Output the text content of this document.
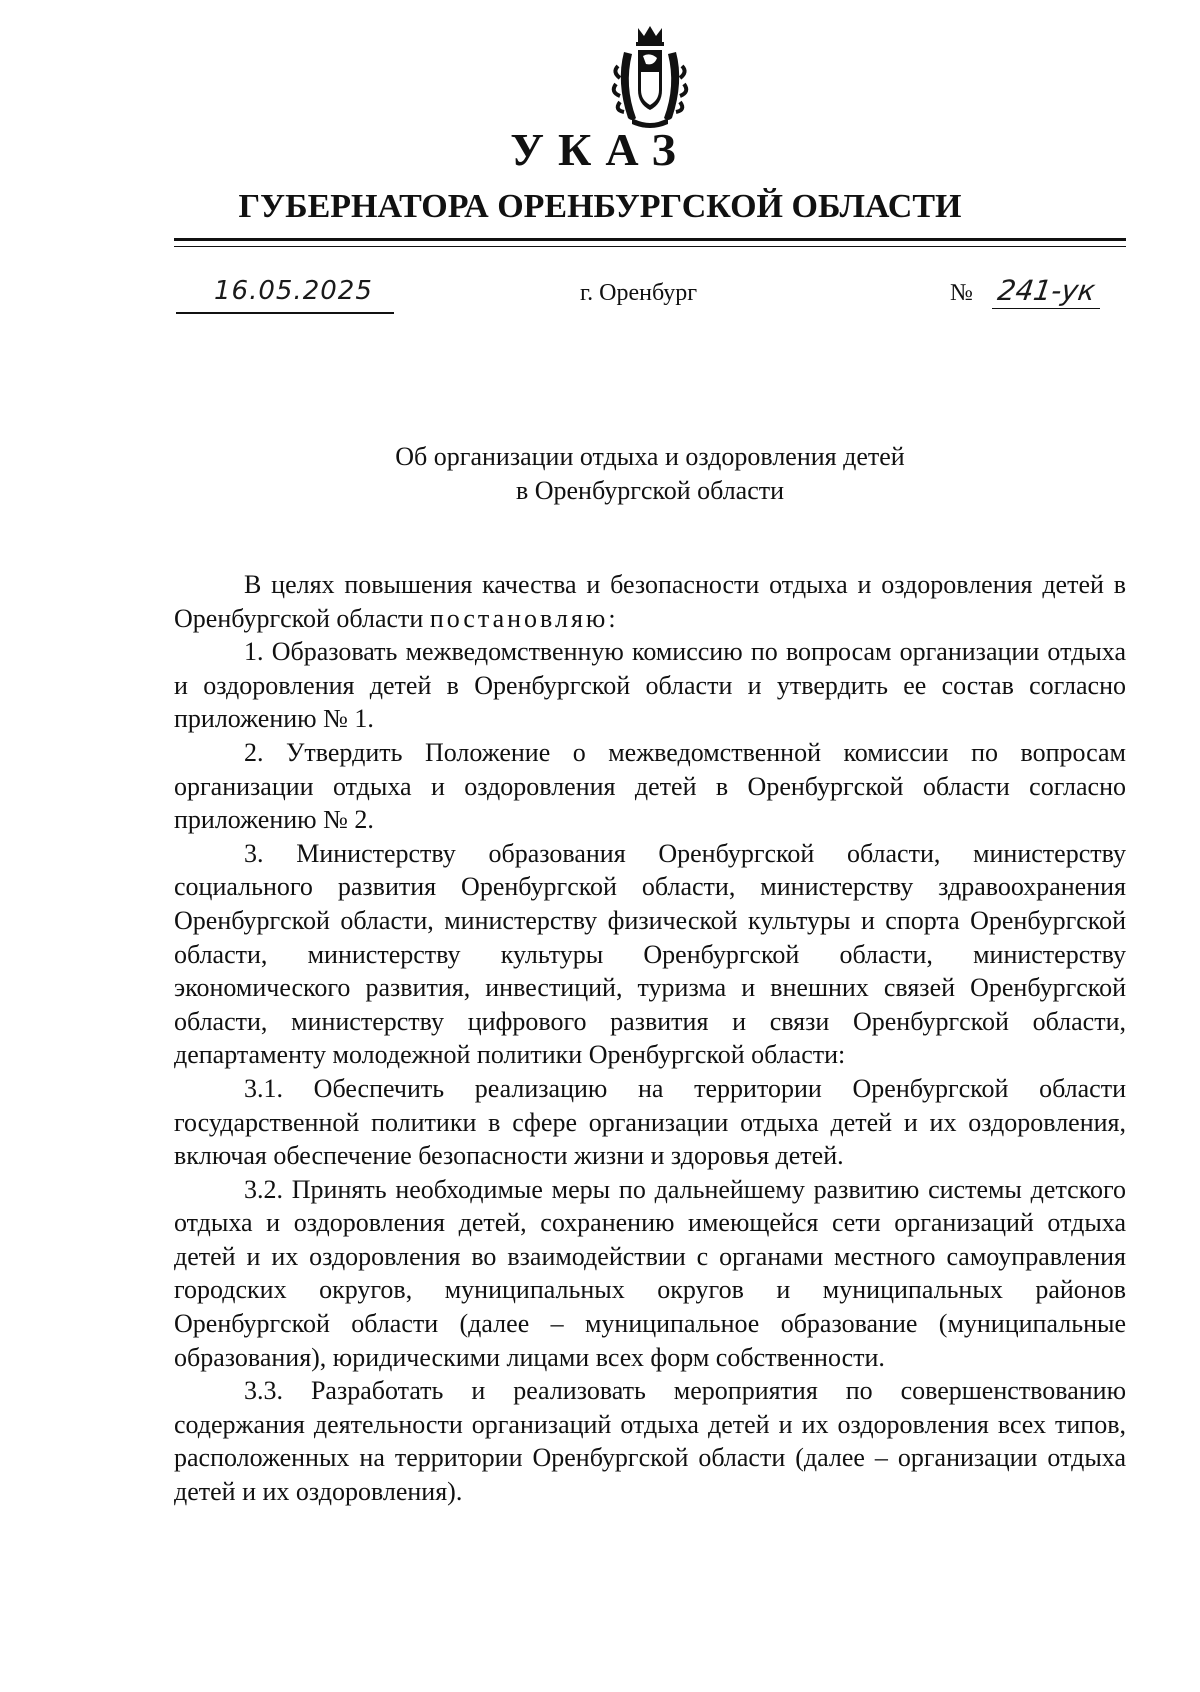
УКАЗ
ГУБЕРНАТОРА ОРЕНБУРГСКОЙ ОБЛАСТИ
16.05.2025	г. Оренбург	№ 241-ук
Об организации отдыха и оздоровления детей
в Оренбургской области

В целях повышения качества и безопасности отдыха и оздоровления детей в Оренбургской области постановляю:

1. Образовать межведомственную комиссию по вопросам организации отдыха и оздоровления детей в Оренбургской области и утвердить ее состав согласно приложению № 1.

2. Утвердить Положение о межведомственной комиссии по вопросам организации отдыха и оздоровления детей в Оренбургской области согласно приложению № 2.

3. Министерству образования Оренбургской области, министерству социального развития Оренбургской области, министерству здравоохранения Оренбургской области, министерству физической культуры и спорта Оренбургской области, министерству культуры Оренбургской области, министерству экономического развития, инвестиций, туризма и внешних связей Оренбургской области, министерству цифрового развития и связи Оренбургской области, департаменту молодежной политики Оренбургской области:

3.1. Обеспечить реализацию на территории Оренбургской области государственной политики в сфере организации отдыха детей и их оздоровления, включая обеспечение безопасности жизни и здоровья детей.

3.2. Принять необходимые меры по дальнейшему развитию системы детского отдыха и оздоровления детей, сохранению имеющейся сети организаций отдыха детей и их оздоровления во взаимодействии с органами местного самоуправления городских округов, муниципальных округов и муниципальных районов Оренбургской области (далее – муниципальное образование (муниципальные образования), юридическими лицами всех форм собственности.

3.3. Разработать и реализовать мероприятия по совершенствованию содержания деятельности организаций отдыха детей и их оздоровления всех типов, расположенных на территории Оренбургской области (далее – организации отдыха детей и их оздоровления).
